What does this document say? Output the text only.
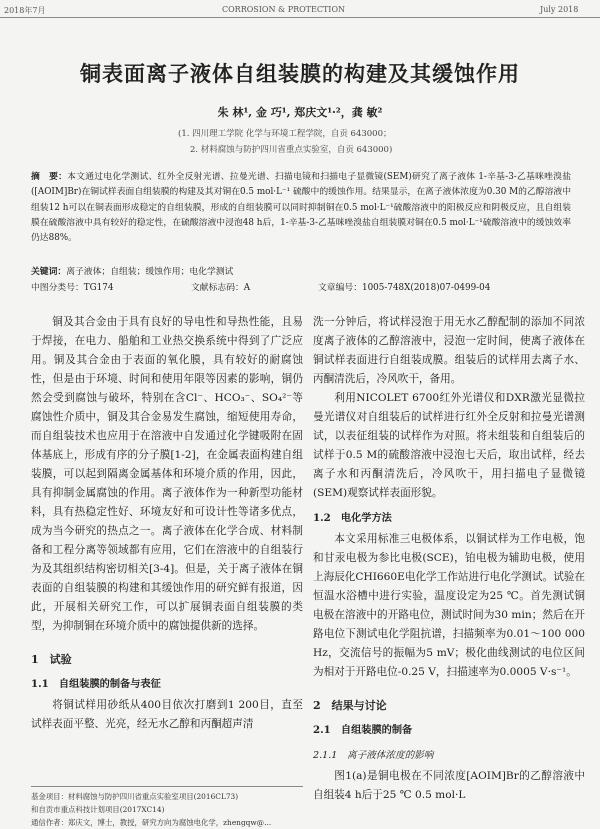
2018年7月	CORROSION & PROTECTION	July 2018
铜表面离子液体自组装膜的构建及其缓蚀作用
朱 林¹, 金 巧¹, 郑庆文¹·²，龚 敏²
(1. 四川理工学院 化学与环境工程学院，自贡 643000；
2. 材料腐蚀与防护四川省重点实验室，自贡 643000)
摘　要：本文通过电化学测试、红外全反射光谱、拉曼光谱、扫描电镜和扫描电子显微镜(SEM)研究了离子液体 1-辛基-3-乙基咪唑溴盐([AOIM]Br)在铜试样表面自组装膜的构建及其对铜在0.5 mol·L⁻¹ 硫酸中的缓蚀作用。结果显示，在离子液体浓度为0.30 M的乙醇溶液中组装12 h可以在铜表面形成稳定的自组装膜，形成的自组装膜可以同时抑制铜在0.5 mol·L⁻¹硫酸溶液中的阳极反应和阴极反应，且自组装膜在硫酸溶液中具有较好的稳定性，在硫酸溶液中浸泡48 h后，1-辛基-3-乙基咪唑溴盐自组装膜对铜在0.5 mol·L⁻¹硫酸溶液中的缓蚀效率仍达88%。
关键词：离子液体；自组装；缓蚀作用；电化学测试
中图分类号：TG174	文献标志码：A	文章编号：1005-748X(2018)07-0499-04

铜及其合金由于具有良好的导电性和导热性能，且易于焊接，在电力、船舶和工业热交换系统中得到了广泛应用。铜及其合金由于表面的氧化膜，具有较好的耐腐蚀性，但是由于环境、时间和使用年限等因素的影响，铜仍然会受到腐蚀与破坏，特别在含Cl⁻、HCO₃⁻、SO₄²⁻等腐蚀性介质中，铜及其合金易发生腐蚀，缩短使用寿命，而自组装技术也应用于在溶液中自发通过化学键吸附在固体基底上，形成有序的分子膜[1-2]，在金属表面构建自组装膜，可以起到隔离金属基体和环境介质的作用，因此，具有抑制金属腐蚀的作用。离子液体作为一种新型功能材料，具有热稳定性好、环境友好和可设计性等诸多优点，成为当今研究的热点之一。离子液体在化学合成、材料制备和工程分离等领域都有应用，它们在溶液中的自组装行为及其组织结构密切相关[3-4]。但是，关于离子液体在铜表面的自组装膜的构建和其缓蚀作用的研究鲜有报道，因此，开展相关研究工作，可以扩展铜表面自组装膜的类型，为抑制铜在环境介质中的腐蚀提供新的选择。

1　试验
1.1　自组装膜的制备与表征

将铜试样用砂纸从400目依次打磨到1 200目，直至试样表面平整、光亮，经无水乙醇和丙酮超声清

洗一分钟后，将试样浸泡于用无水乙醇配制的添加不同浓度离子液体的乙醇溶液中，浸泡一定时间，使离子液体在铜试样表面进行自组装成膜。组装后的试样用去离子水、丙酮清洗后，冷风吹干，备用。

利用NICOLET 6700红外光谱仪和DXR激光显微拉曼光谱仪对自组装后的试样进行红外全反射和拉曼光谱测试，以表征组装的试样作为对照。将未组装和自组装后的试样于0.5 M的硫酸溶液中浸泡七天后，取出试样，经去离子水和丙酮清洗后，冷风吹干，用扫描电子显微镜(SEM)观察试样表面形貌。

1.2　电化学方法

本文采用标准三电极体系，以铜试样为工作电极，饱和甘汞电极为参比电极(SCE)，铂电极为辅助电极，使用上海辰化CHI660E电化学工作站进行电化学测试。试验在恒温水浴槽中进行实验，温度设定为25 ℃。首先测试铜电极在溶液中的开路电位，测试时间为30 min；然后在开路电位下测试电化学阻抗谱，扫描频率为0.01～100 000 Hz，交流信号的振幅为5 mV；极化曲线测试的电位区间为相对于开路电位-0.25 V，扫描速率为0.0005 V·s⁻¹。

2　结果与讨论
2.1　自组装膜的制备
2.1.1　离子液体浓度的影响

图1(a)是铜电极在不同浓度[AOIM]Br的乙醇溶液中自组装4 h后于25 ℃ 0.5 mol·L

基金项目：材料腐蚀与防护四川省重点实验室项目(2016CL73)
和自贡市重点科技计划项目(2017XC14)
通信作者：郑庆文，博士，教授，研究方向为腐蚀电化学，zhengqw@...
